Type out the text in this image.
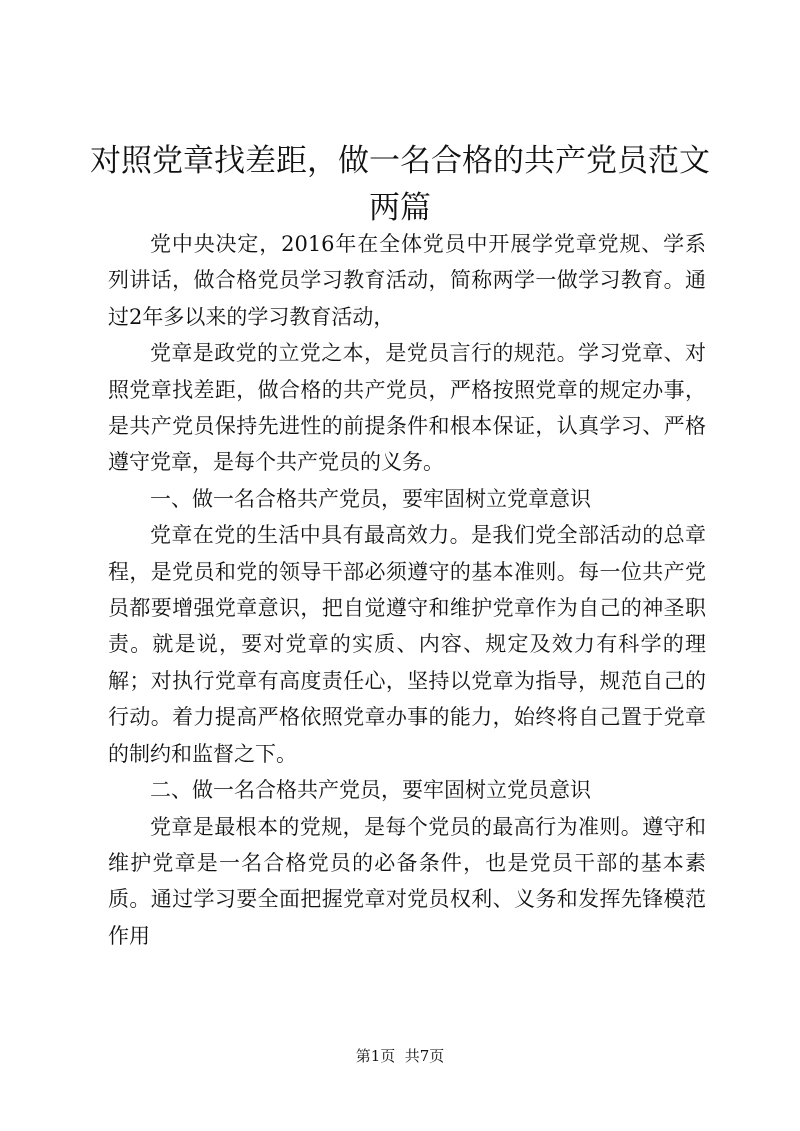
对照党章找差距，做一名合格的共产党员范文
两篇

党中央决定，2016年在全体党员中开展学党章党规、学系列讲话，做合格党员学习教育活动，简称两学一做学习教育。通过2年多以来的学习教育活动，

党章是政党的立党之本，是党员言行的规范。学习党章、对照党章找差距，做合格的共产党员，严格按照党章的规定办事，是共产党员保持先进性的前提条件和根本保证，认真学习、严格遵守党章，是每个共产党员的义务。

一、做一名合格共产党员，要牢固树立党章意识

党章在党的生活中具有最高效力。是我们党全部活动的总章程，是党员和党的领导干部必须遵守的基本准则。每一位共产党员都要增强党章意识，把自觉遵守和维护党章作为自己的神圣职责。就是说，要对党章的实质、内容、规定及效力有科学的理解；对执行党章有高度责任心，坚持以党章为指导，规范自己的行动。着力提高严格依照党章办事的能力，始终将自己置于党章的制约和监督之下。

二、做一名合格共产党员，要牢固树立党员意识

党章是最根本的党规，是每个党员的最高行为准则。遵守和维护党章是一名合格党员的必备条件，也是党员干部的基本素质。通过学习要全面把握党章对党员权利、义务和发挥先锋模范作用

第1页  共7页
